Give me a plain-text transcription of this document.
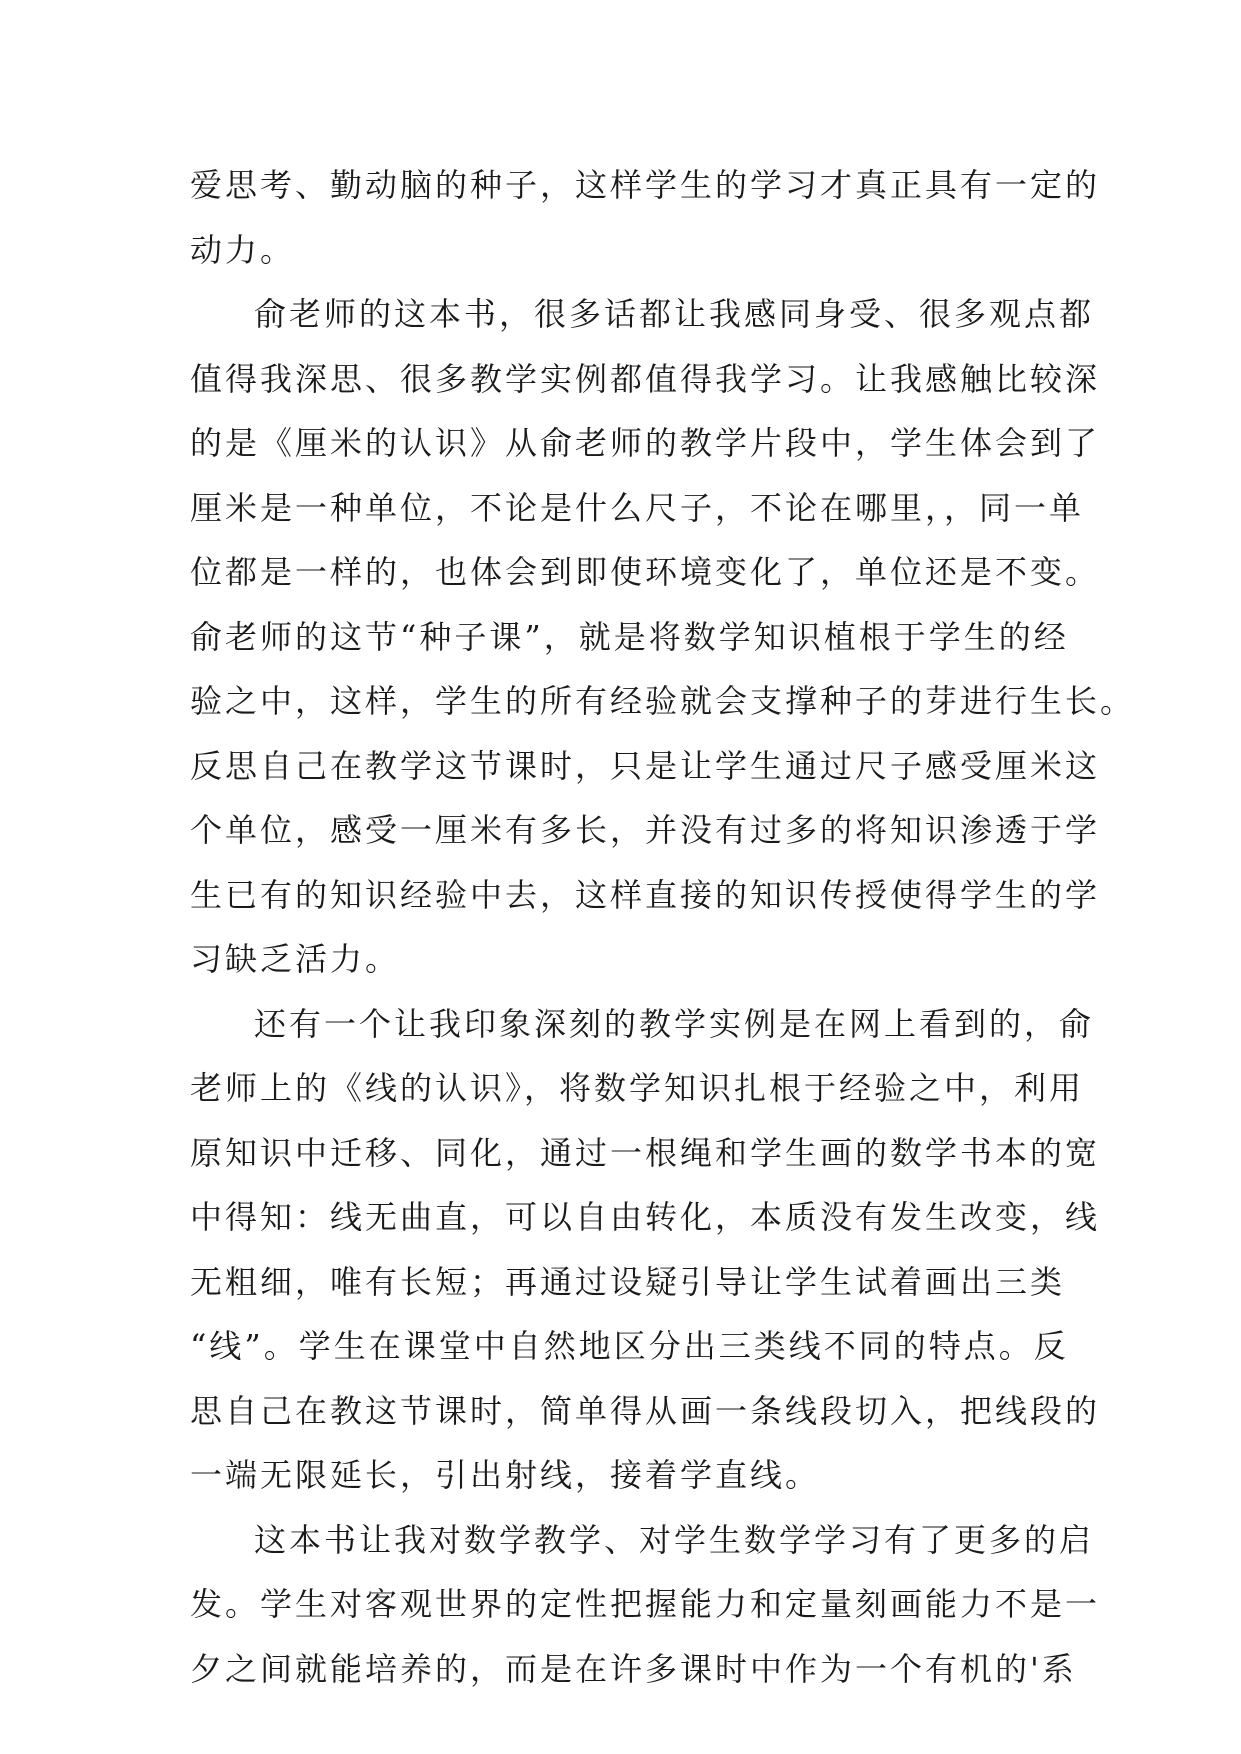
爱思考、勤动脑的种子，这样学生的学习才真正具有一定的
动力。
俞老师的这本书，很多话都让我感同身受、很多观点都
值得我深思、很多教学实例都值得我学习。让我感触比较深
的是《厘米的认识》从俞老师的教学片段中，学生体会到了
厘米是一种单位，不论是什么尺子，不论在哪里，，同一单
位都是一样的，也体会到即使环境变化了，单位还是不变。
俞老师的这节“种子课”，就是将数学知识植根于学生的经
验之中，这样，学生的所有经验就会支撑种子的芽进行生长。
反思自己在教学这节课时，只是让学生通过尺子感受厘米这
个单位，感受一厘米有多长，并没有过多的将知识渗透于学
生已有的知识经验中去，这样直接的知识传授使得学生的学
习缺乏活力。
还有一个让我印象深刻的教学实例是在网上看到的，俞
老师上的《线的认识》，将数学知识扎根于经验之中，利用
原知识中迁移、同化，通过一根绳和学生画的数学书本的宽
中得知：线无曲直，可以自由转化，本质没有发生改变，线
无粗细，唯有长短；再通过设疑引导让学生试着画出三类
“线”。学生在课堂中自然地区分出三类线不同的特点。反
思自己在教这节课时，简单得从画一条线段切入，把线段的
一端无限延长，引出射线，接着学直线。
这本书让我对数学教学、对学生数学学习有了更多的启
发。学生对客观世界的定性把握能力和定量刻画能力不是一
夕之间就能培养的，而是在许多课时中作为一个有机的'系
